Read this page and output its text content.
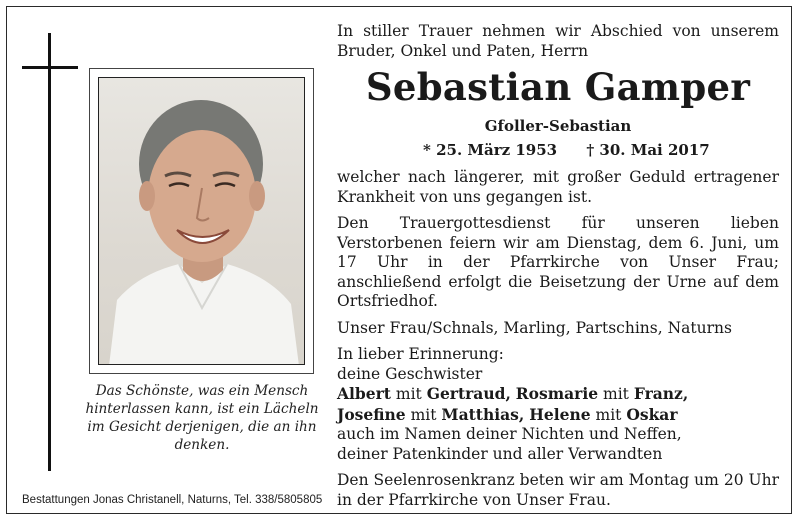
Das Schönste, was ein Mensch hinterlassen kann, ist ein Lächeln im Gesicht derjenigen, die an ihn denken.
Bestattungen Jonas Christanell, Naturns, Tel. 338/5805805

In stiller Trauer nehmen wir Abschied von unserem Bruder, Onkel und Paten, Herrn

Sebastian Gamper
Gfoller-Sebastian
* 25. März 1953 † 30. Mai 2017

welcher nach längerer, mit großer Geduld ertragener Krankheit von uns gegangen ist.

Den Trauergottesdienst für unseren lieben Verstorbenen feiern wir am Dienstag, dem 6. Juni, um 17 Uhr in der Pfarrkirche von Unser Frau; anschließend erfolgt die Beisetzung der Urne auf dem Ortsfriedhof.

Unser Frau/Schnals, Marling, Partschins, Naturns

In lieber Erinnerung:

deine Geschwister

Albert mit Gertraud, Rosmarie mit Franz,

Josefine mit Matthias, Helene mit Oskar

auch im Namen deiner Nichten und Neffen,

deiner Patenkinder und aller Verwandten

Den Seelenrosenkranz beten wir am Montag um 20 Uhr in der Pfarrkirche von Unser Frau.
